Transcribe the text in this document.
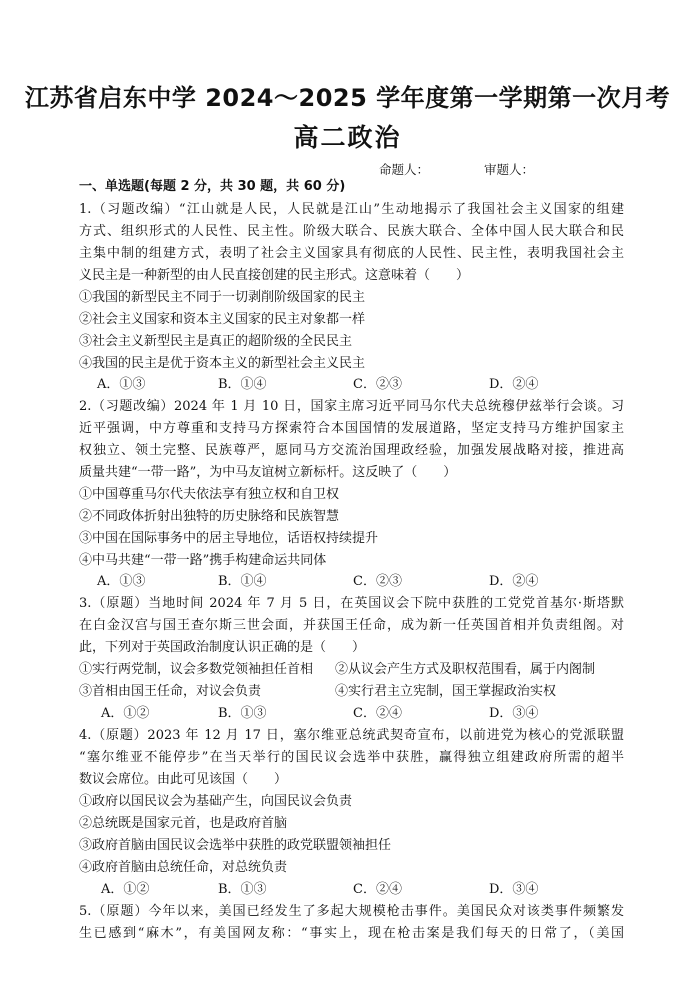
江苏省启东中学 2024～2025 学年度第一学期第一次月考
高二政治
命题人：	审题人：
一、单选题(每题 2 分，共 30 题，共 60 分)
1.（习题改编）“江山就是人民，人民就是江山”生动地揭示了我国社会主义国家的组建
方式、组织形式的人民性、民主性。阶级大联合、民族大联合、全体中国人民大联合和民
主集中制的组建方式，表明了社会主义国家具有彻底的人民性、民主性，表明我国社会主
义民主是一种新型的由人民直接创建的民主形式。这意味着（　　）
①我国的新型民主不同于一切剥削阶级国家的民主
②社会主义国家和资本主义国家的民主对象都一样
③社会主义新型民主是真正的超阶级的全民民主
④我国的民主是优于资本主义的新型社会主义民主
A．①③	B．①④	C．②③	D．②④
2.（习题改编）2024 年 1 月 10 日，国家主席习近平同马尔代夫总统穆伊兹举行会谈。习
近平强调，中方尊重和支持马方探索符合本国国情的发展道路，坚定支持马方维护国家主
权独立、领土完整、民族尊严，愿同马方交流治国理政经验，加强发展战略对接，推进高
质量共建“一带一路”，为中马友谊树立新标杆。这反映了（　　）
①中国尊重马尔代夫依法享有独立权和自卫权
②不同政体折射出独特的历史脉络和民族智慧
③中国在国际事务中的居主导地位，话语权持续提升
④中马共建“一带一路”携手构建命运共同体
A．①③	B．①④	C．②③	D．②④
3.（原题）当地时间 2024 年 7 月 5 日，在英国议会下院中获胜的工党党首基尔·斯塔默
在白金汉宫与国王查尔斯三世会面，并获国王任命，成为新一任英国首相并负责组阁。对
此，下列对于英国政治制度认识正确的是（　　）
①实行两党制，议会多数党领袖担任首相 ②从议会产生方式及职权范围看，属于内阁制
③首相由国王任命，对议会负责	④实行君主立宪制，国王掌握政治实权
A．①②	B．①③	C．②④	D．③④
4.（原题）2023 年 12 月 17 日，塞尔维亚总统武契奇宣布，以前进党为核心的党派联盟
“塞尔维亚不能停步”在当天举行的国民议会选举中获胜，赢得独立组建政府所需的超半
数议会席位。由此可见该国（　　）
①政府以国民议会为基础产生，向国民议会负责
②总统既是国家元首，也是政府首脑
③政府首脑由国民议会选举中获胜的政党联盟领袖担任
④政府首脑由总统任命，对总统负责
A．①②	B．①③	C．②④	D．③④
5.（原题）今年以来，美国已经发生了多起大规模枪击事件。美国民众对该类事件频繁发
生已感到“麻木”，有美国网友称：“事实上，现在枪击案是我们每天的日常了，（美国
